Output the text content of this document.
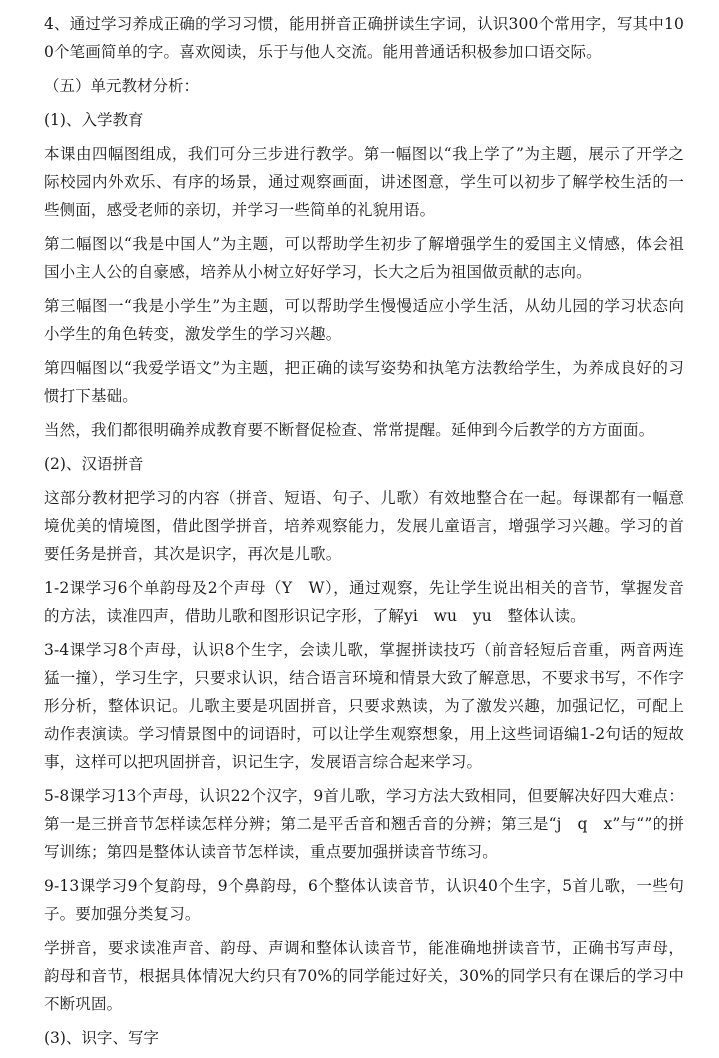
4、通过学习养成正确的学习习惯，能用拼音正确拼读生字词，认识300个常用字，写其中100个笔画简单的字。喜欢阅读，乐于与他人交流。能用普通话积极参加口语交际。

（五）单元教材分析：

(1)、入学教育

本课由四幅图组成，我们可分三步进行教学。第一幅图以“我上学了”为主题，展示了开学之际校园内外欢乐、有序的场景，通过观察画面，讲述图意，学生可以初步了解学校生活的一些侧面，感受老师的亲切，并学习一些简单的礼貌用语。

第二幅图以“我是中国人”为主题，可以帮助学生初步了解增强学生的爱国主义情感，体会祖国小主人公的自豪感，培养从小树立好好学习，长大之后为祖国做贡献的志向。

第三幅图一“我是小学生”为主题，可以帮助学生慢慢适应小学生活，从幼儿园的学习状态向小学生的角色转变，激发学生的学习兴趣。

第四幅图以“我爱学语文”为主题，把正确的读写姿势和执笔方法教给学生，为养成良好的习惯打下基础。

当然，我们都很明确养成教育要不断督促检查、常常提醒。延伸到今后教学的方方面面。

(2)、汉语拼音

这部分教材把学习的内容（拼音、短语、句子、儿歌）有效地整合在一起。每课都有一幅意境优美的情境图，借此图学拼音，培养观察能力，发展儿童语言，增强学习兴趣。学习的首要任务是拼音，其次是识字，再次是儿歌。

1-2课学习6个单韵母及2个声母（Y　W），通过观察，先让学生说出相关的音节，掌握发音的方法，读准四声，借助儿歌和图形识记字形，了解yi　wu　yu　整体认读。

3-4课学习8个声母，认识8个生字，会读儿歌，掌握拼读技巧（前音轻短后音重，两音两连猛一撞），学习生字，只要求认识，结合语言环境和情景大致了解意思，不要求书写，不作字形分析，整体识记。儿歌主要是巩固拼音，只要求熟读，为了激发兴趣，加强记忆，可配上动作表演读。学习情景图中的词语时，可以让学生观察想象，用上这些词语编1-2句话的短故事，这样可以把巩固拼音，识记生字，发展语言综合起来学习。

5-8课学习13个声母，认识22个汉字，9首儿歌，学习方法大致相同，但要解决好四大难点：第一是三拼音节怎样读怎样分辨；第二是平舌音和翘舌音的分辨；第三是“j　q　x”与“”的拼写训练；第四是整体认读音节怎样读，重点要加强拼读音节练习。

9-13课学习9个复韵母，9个鼻韵母，6个整体认读音节，认识40个生字，5首儿歌，一些句子。要加强分类复习。

学拼音，要求读准声音、韵母、声调和整体认读音节，能准确地拼读音节，正确书写声母，韵母和音节，根据具体情况大约只有70%的同学能过好关，30%的同学只有在课后的学习中不断巩固。

(3)、识字、写字
